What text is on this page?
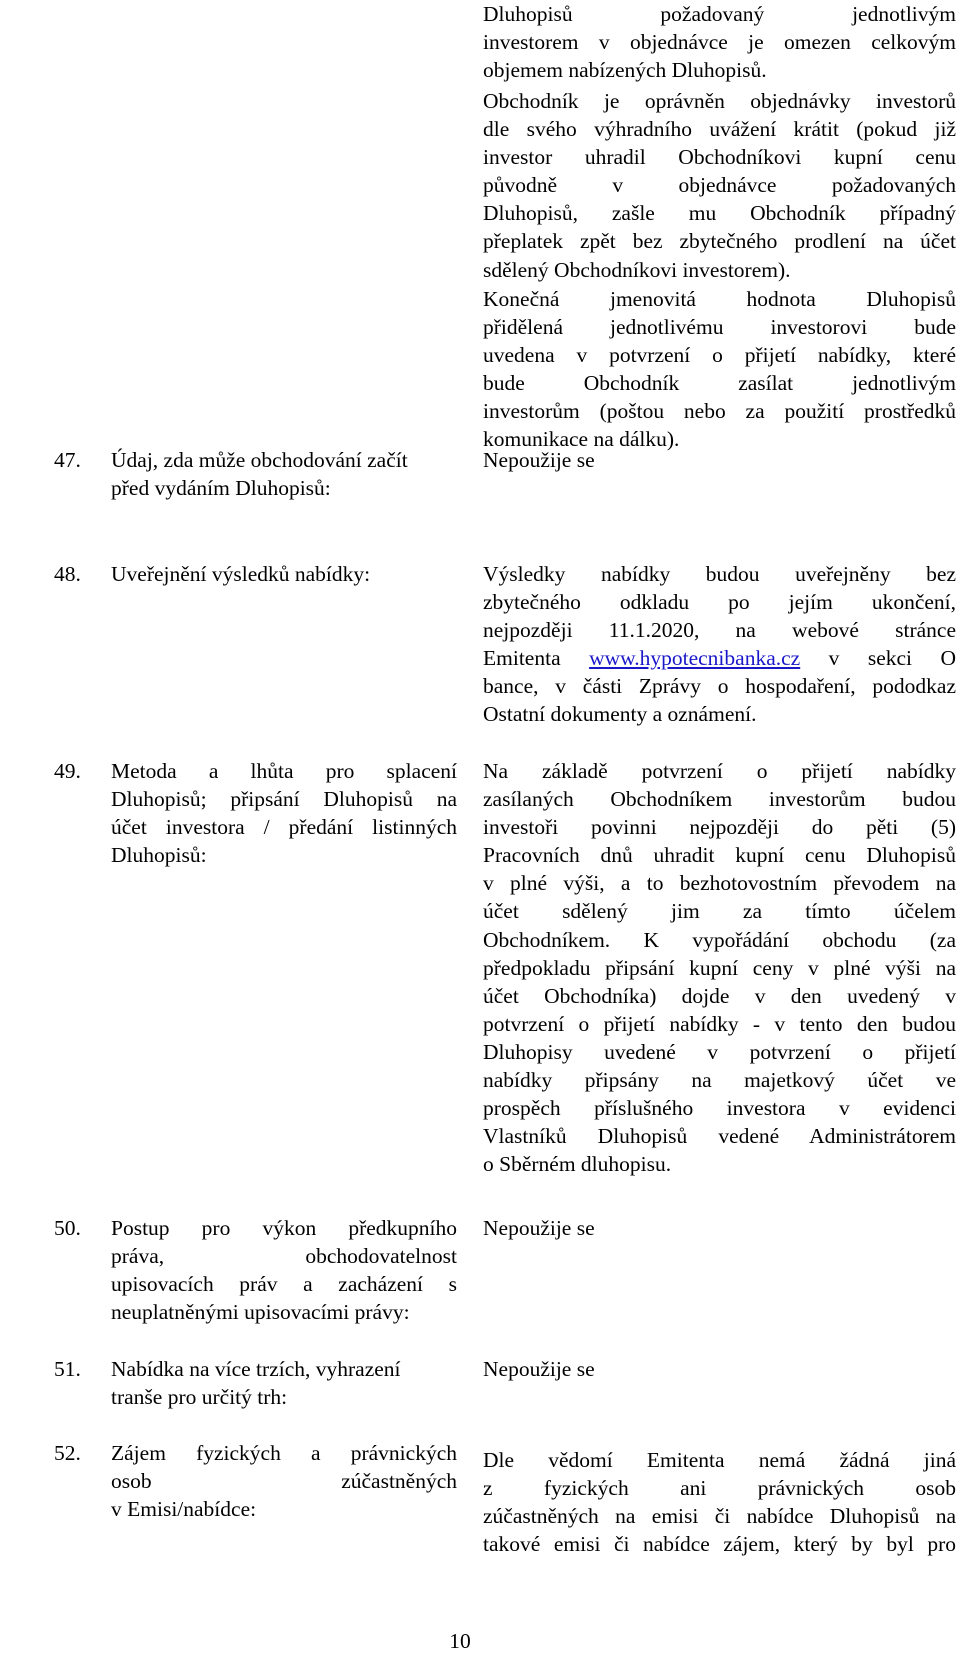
Dluhopisů požadovaný jednotlivým
investorem v objednávce je omezen celkovým
objemem nabízených Dluhopisů.
Obchodník je oprávněn objednávky investorů
dle svého výhradního uvážení krátit (pokud již
investor uhradil Obchodníkovi kupní cenu
původně v objednávce požadovaných
Dluhopisů, zašle mu Obchodník případný
přeplatek zpět bez zbytečného prodlení na účet
sdělený Obchodníkovi investorem).
Konečná jmenovitá hodnota Dluhopisů
přidělená jednotlivému investorovi bude
uvedena v potvrzení o přijetí nabídky, které
bude Obchodník zasílat jednotlivým
investorům (poštou nebo za použití prostředků
komunikace na dálku).
47. Údaj, zda může obchodování začít
před vydáním Dluhopisů:
Nepoužije se
48. Uveřejnění výsledků nabídky:	Výsledky nabídky budou uveřejněny bez
zbytečného odkladu po jejím ukončení,
nejpozději 11.1.2020, na webové stránce
Emitenta www.hypotecnibanka.cz v sekci O
bance, v části Zprávy o hospodaření, pododkaz
Ostatní dokumenty a oznámení.
49. Metoda a lhůta pro splacení
Dluhopisů; připsání Dluhopisů na
účet investora / předání listinných
Dluhopisů:
Na základě potvrzení o přijetí nabídky
zasílaných Obchodníkem investorům budou
investoři povinni nejpozději do pěti (5)
Pracovních dnů uhradit kupní cenu Dluhopisů
v plné výši, a to bezhotovostním převodem na
účet sdělený jim za tímto účelem
Obchodníkem. K vypořádání obchodu (za
předpokladu připsání kupní ceny v plné výši na
účet Obchodníka) dojde v den uvedený v
potvrzení o přijetí nabídky - v tento den budou
Dluhopisy uvedené v potvrzení o přijetí
nabídky připsány na majetkový účet ve
prospěch příslušného investora v evidenci
Vlastníků Dluhopisů vedené Administrátorem
o Sběrném dluhopisu.
50. Postup pro výkon předkupního
práva, obchodovatelnost
upisovacích práv a zacházení s
neuplatněnými upisovacími právy:
Nepoužije se
51. Nabídka na více trzích, vyhrazení
tranše pro určitý trh:
Nepoužije se
52. Zájem fyzických a právnických
osob zúčastněných
v Emisi/nabídce:
Dle vědomí Emitenta nemá žádná jiná
z fyzických ani právnických osob
zúčastněných na emisi či nabídce Dluhopisů na
takové emisi či nabídce zájem, který by byl pro
10
